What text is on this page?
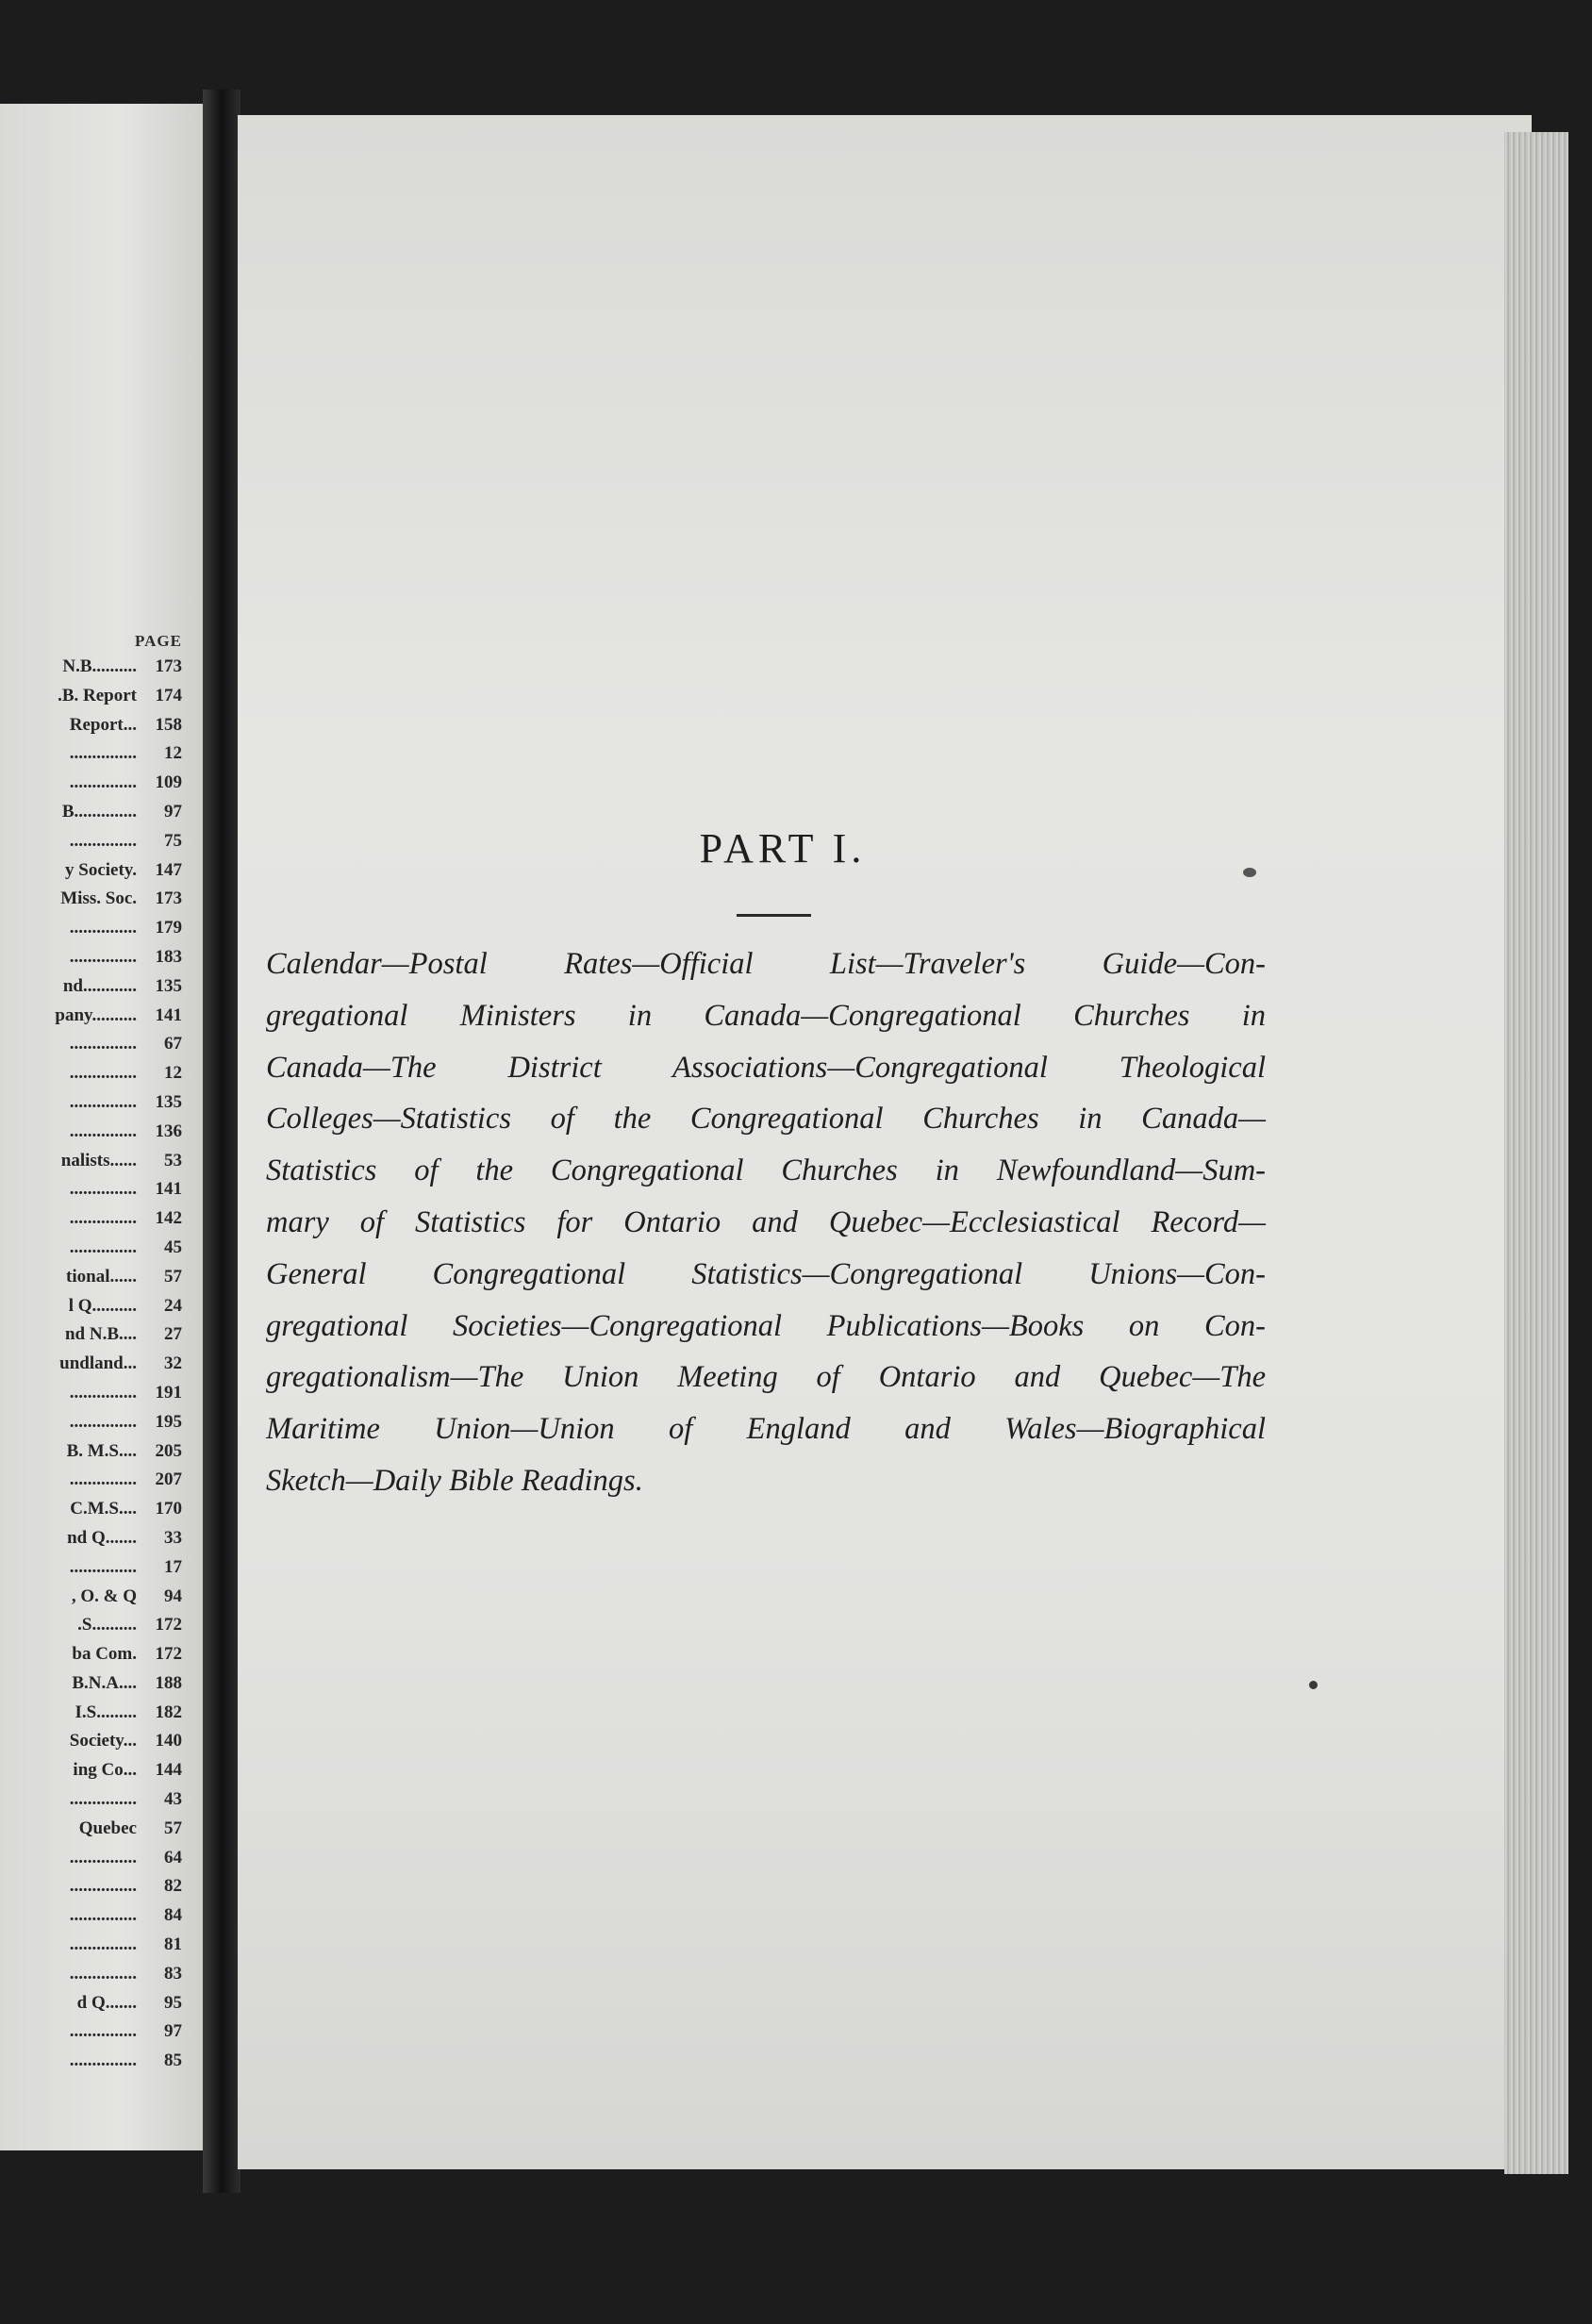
PAGE
N.B..........	173
.B. Report	174
Report...	158
...............	12
...............	109
B..............	97
...............	75
y Society.	147
Miss. Soc.	173
...............	179
...............	183
nd............	135
pany..........	141
...............	67
...............	12
...............	135
...............	136
nalists......	53
...............	141
...............	142
...............	45
tional......	57
l Q..........	24
nd N.B....	27
undland...	32
...............	191
...............	195
B. M.S....	205
...............	207
C.M.S....	170
nd Q.......	33
...............	17
, O. & Q	94
.S..........	172
ba Com.	172
B.N.A....	188
I.S.........	182
Society...	140
ing Co...	144
...............	43
Quebec	57
...............	64
...............	82
...............	84
...............	81
...............	83
d Q.......	95
...............	97
...............	85
PART I.
Calendar—Postal Rates—Official List—Traveler's Guide—Con-
gregational Ministers in Canada—Congregational Churches in
Canada—The District Associations—Congregational Theological
Colleges—Statistics of the Congregational Churches in Canada—
Statistics of the Congregational Churches in Newfoundland—Sum-
mary of Statistics for Ontario and Quebec—Ecclesiastical Record—
General Congregational Statistics—Congregational Unions—Con-
gregational Societies—Congregational Publications—Books on Con-
gregationalism—The Union Meeting of Ontario and Quebec—The
Maritime Union—Union of England and Wales—Biographical
Sketch—Daily Bible Readings.
